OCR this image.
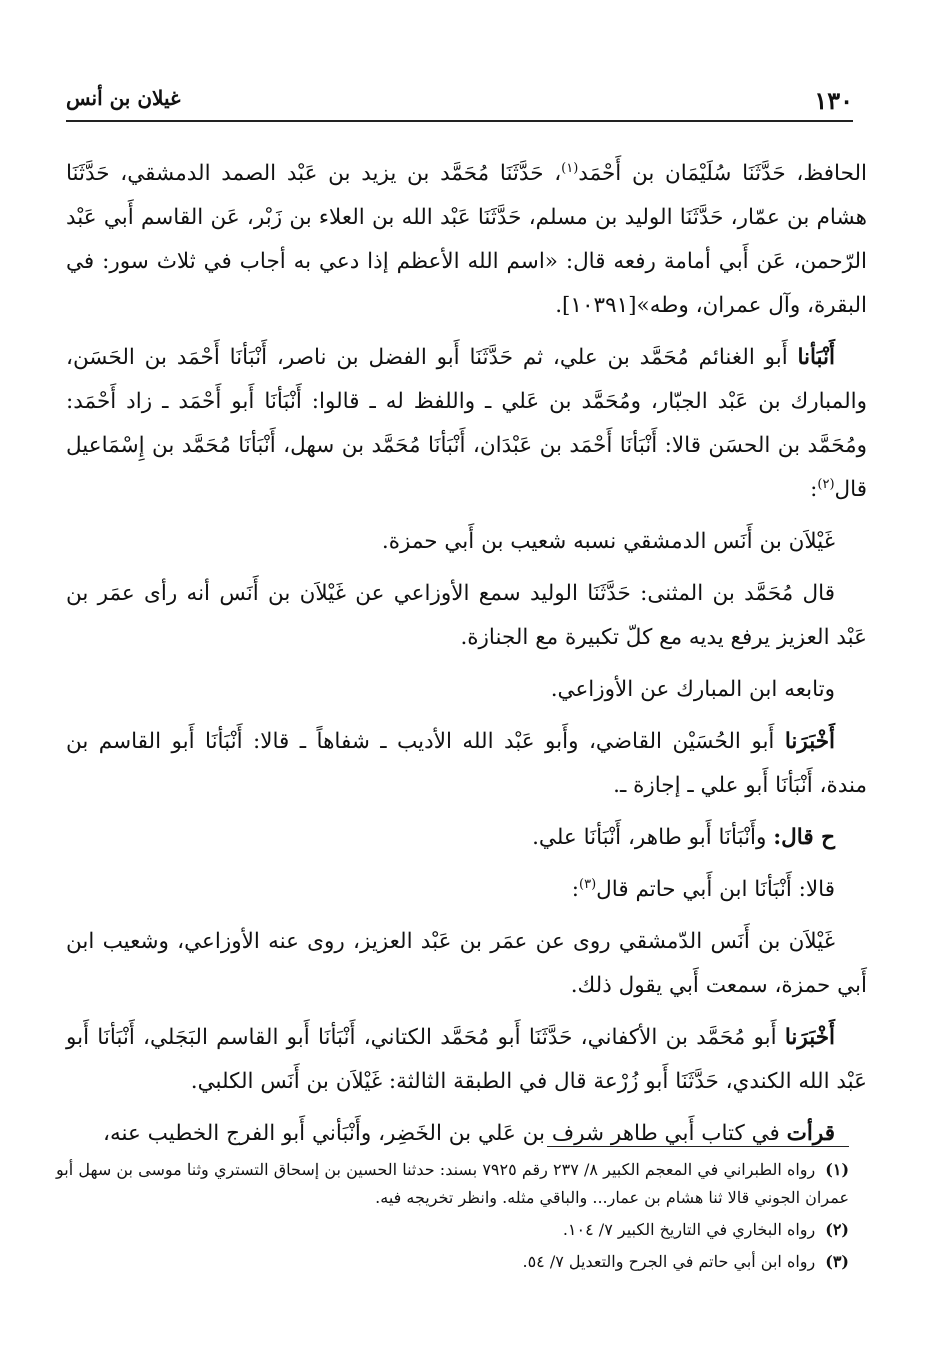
١٣٠
غيلان بن أنس

الحافظ، حَدَّثَنَا سُلَيْمَان بن أَحْمَد$^{(١)}$، حَدَّثَنَا مُحَمَّد بن يزيد بن عَبْد الصمد الدمشقي، حَدَّثَنَا هشام بن عمّار، حَدَّثَنَا الوليد بن مسلم، حَدَّثَنَا عَبْد الله بن العلاء بن زَبْر، عَن القاسم أَبي عَبْد الرّحمن، عَن أَبي أمامة رفعه قال: «اسم الله الأعظم إذا دعي به أجاب في ثلاث سور: في البقرة، وآل عمران، وطه»[١٠٣٩١].

أَنْبَأنا أَبو الغنائم مُحَمَّد بن علي، ثم حَدَّثَنَا أَبو الفضل بن ناصر، أَنْبَأنَا أَحْمَد بن الحَسَن، والمبارك بن عَبْد الجبّار، ومُحَمَّد بن عَلي ـ واللفظ له ـ قالوا: أَنْبَأنَا أَبو أَحْمَد ـ زاد أَحْمَد: ومُحَمَّد بن الحسَن قالا: أَنْبَأنَا أَحْمَد بن عَبْدَان، أَنْبَأنَا مُحَمَّد بن سهل، أَنْبَأنَا مُحَمَّد بن إِسْمَاعيل قال$^{(٢)}$:

غَيْلاَن بن أَنَس الدمشقي نسبه شعيب بن أَبي حمزة.

قال مُحَمَّد بن المثنى: حَدَّثَنَا الوليد سمع الأوزاعي عن غَيْلاَن بن أَنَس أنه رأى عمَر بن عَبْد العزيز يرفع يديه مع كلّ تكبيرة مع الجنازة.

وتابعه ابن المبارك عن الأوزاعي.

أَخْبَرَنا أَبو الحُسَيْن القاضي، وأَبو عَبْد الله الأديب ـ شفاهاً ـ قالا: أَنْبَأنَا أَبو القاسم بن مندة، أَنْبَأنَا أَبو علي ـ إجازة ـ.

ح قال: وأَنْبَأنَا أَبو طاهر، أَنْبَأنَا علي.

قالا: أَنْبَأنَا ابن أَبي حاتم قال$^{(٣)}$:

غَيْلاَن بن أَنَس الدّمشقي روى عن عمَر بن عَبْد العزيز، روى عنه الأوزاعي، وشعيب ابن أَبي حمزة، سمعت أَبي يقول ذلك.

أَخْبَرَنا أَبو مُحَمَّد بن الأكفاني، حَدَّثَنَا أَبو مُحَمَّد الكتاني، أَنْبَأنَا أَبو القاسم البَجَلي، أَنْبَأنَا أَبو عَبْد الله الكندي، حَدَّثَنَا أَبو زُرْعة قال في الطبقة الثالثة: غَيْلاَن بن أَنَس الكلبي.

قرأت في كتاب أَبي طاهر شرف بن عَلي بن الخَضِر، وأَنْبَأني أَبو الفرج الخطيب عنه،

(١)رواه الطبراني في المعجم الكبير ٨/ ٢٣٧ رقم ٧٩٢٥ بسند: حدثنا الحسين بن إسحاق التستري وثنا موسى بن سهل أبو عمران الجوني قالا ثنا هشام بن عمار... والباقي مثله. وانظر تخريجه فيه.

(٢)رواه البخاري في التاريخ الكبير ٧/ ١٠٤.

(٣)رواه ابن أبي حاتم في الجرح والتعديل ٧/ ٥٤.
